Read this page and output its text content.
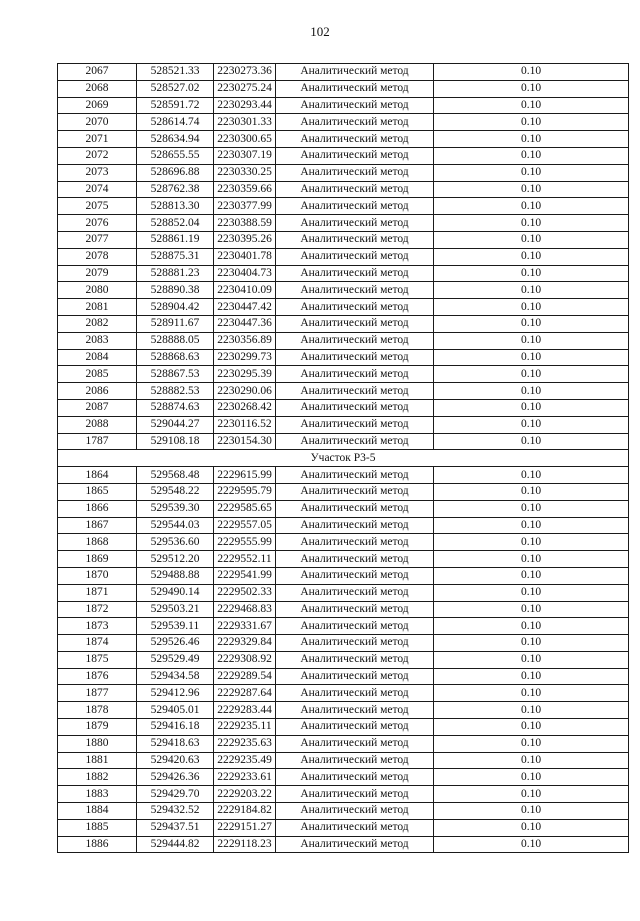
102
2067	528521.33	2230273.36	Аналитический метод	0.10
2068	528527.02	2230275.24	Аналитический метод	0.10
2069	528591.72	2230293.44	Аналитический метод	0.10
2070	528614.74	2230301.33	Аналитический метод	0.10
2071	528634.94	2230300.65	Аналитический метод	0.10
2072	528655.55	2230307.19	Аналитический метод	0.10
2073	528696.88	2230330.25	Аналитический метод	0.10
2074	528762.38	2230359.66	Аналитический метод	0.10
2075	528813.30	2230377.99	Аналитический метод	0.10
2076	528852.04	2230388.59	Аналитический метод	0.10
2077	528861.19	2230395.26	Аналитический метод	0.10
2078	528875.31	2230401.78	Аналитический метод	0.10
2079	528881.23	2230404.73	Аналитический метод	0.10
2080	528890.38	2230410.09	Аналитический метод	0.10
2081	528904.42	2230447.42	Аналитический метод	0.10
2082	528911.67	2230447.36	Аналитический метод	0.10
2083	528888.05	2230356.89	Аналитический метод	0.10
2084	528868.63	2230299.73	Аналитический метод	0.10
2085	528867.53	2230295.39	Аналитический метод	0.10
2086	528882.53	2230290.06	Аналитический метод	0.10
2087	528874.63	2230268.42	Аналитический метод	0.10
2088	529044.27	2230116.52	Аналитический метод	0.10
1787	529108.18	2230154.30	Аналитический метод	0.10
Участок Р3-5				
1864	529568.48	2229615.99	Аналитический метод	0.10
1865	529548.22	2229595.79	Аналитический метод	0.10
1866	529539.30	2229585.65	Аналитический метод	0.10
1867	529544.03	2229557.05	Аналитический метод	0.10
1868	529536.60	2229555.99	Аналитический метод	0.10
1869	529512.20	2229552.11	Аналитический метод	0.10
1870	529488.88	2229541.99	Аналитический метод	0.10
1871	529490.14	2229502.33	Аналитический метод	0.10
1872	529503.21	2229468.83	Аналитический метод	0.10
1873	529539.11	2229331.67	Аналитический метод	0.10
1874	529526.46	2229329.84	Аналитический метод	0.10
1875	529529.49	2229308.92	Аналитический метод	0.10
1876	529434.58	2229289.54	Аналитический метод	0.10
1877	529412.96	2229287.64	Аналитический метод	0.10
1878	529405.01	2229283.44	Аналитический метод	0.10
1879	529416.18	2229235.11	Аналитический метод	0.10
1880	529418.63	2229235.63	Аналитический метод	0.10
1881	529420.63	2229235.49	Аналитический метод	0.10
1882	529426.36	2229233.61	Аналитический метод	0.10
1883	529429.70	2229203.22	Аналитический метод	0.10
1884	529432.52	2229184.82	Аналитический метод	0.10
1885	529437.51	2229151.27	Аналитический метод	0.10
1886	529444.82	2229118.23	Аналитический метод	0.10
